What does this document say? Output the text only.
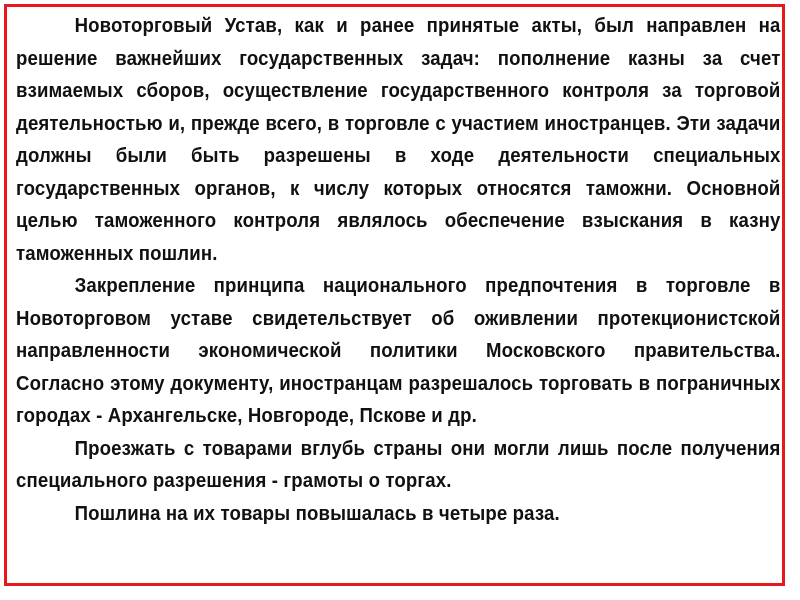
Новоторговый Устав, как и ранее принятые акты, был направлен на решение важнейших государственных задач: пополнение казны за счет взимаемых сборов, осуществление государственного контроля за торговой деятельностью и, прежде всего, в торговле с участием иностранцев. Эти задачи должны были быть разрешены в ходе деятельности специальных государственных органов, к числу которых относятся таможни. Основной целью таможенного контроля являлось обеспечение взыскания в казну таможенных пошлин.

Закрепление принципа национального предпочтения в торговле в Новоторговом уставе свидетельствует об оживлении протекционистской направленности экономической политики Московского правительства. Согласно этому документу, иностранцам разрешалось торговать в пограничных городах - Архангельске, Новгороде, Пскове и др.

Проезжать с товарами вглубь страны они могли лишь после получения специального разрешения - грамоты о торгах.

Пошлина на их товары повышалась в четыре раза.
